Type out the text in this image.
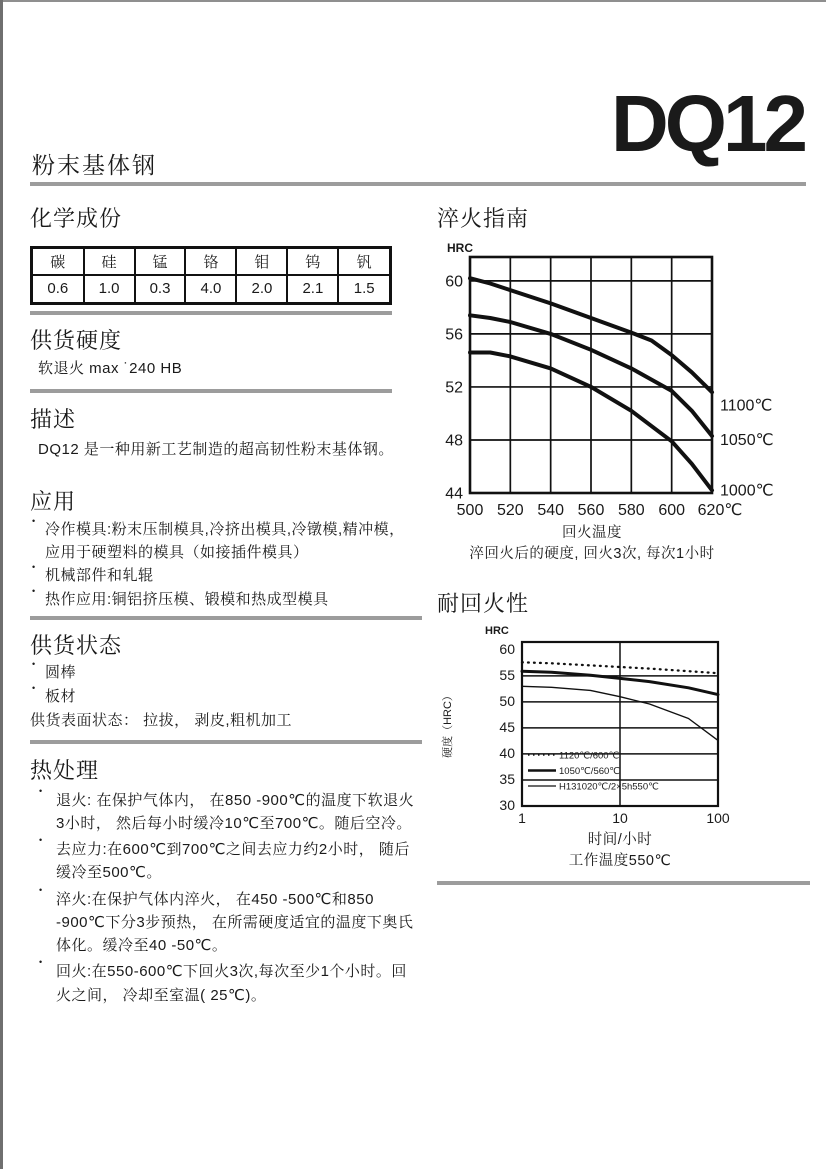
粉末基体钢	DQ12
化学成份
碳	硅	锰	铬	钼	钨	钒
0.6	1.0	0.3	4.0	2.0	2.1	1.5
供货硬度
软退火 max ˙240 HB
描述
DQ12 是一种用新工艺制造的超高韧性粉末基体钢。
应用
• 冷作模具:粉末压制模具,冷挤出模具,冷镦模,精冲模， 应用于硬塑料的模具（如接插件模具）
• 机械部件和轧辊
• 热作应用:铜铝挤压模、锻模和热成型模具
供货状态
• 圆棒
• 板材
供货表面状态： 拉拔， 剥皮,粗机加工
热处理
• 退火: 在保护气体内， 在850 -900℃的温度下软退火3小时， 然后每小时缓冷10℃至700℃。随后空冷。
• 去应力:在600℃到700℃之间去应力约2小时， 随后缓冷至500℃。
• 淬火:在保护气体内淬火， 在450 -500℃和850 -900℃下分3步预热， 在所需硬度适宜的温度下奥氏体化。缓冷至40 -50℃。
• 回火:在550-600℃下回火3次,每次至少1个小时。回火之间， 冷却至室温( 25℃)。
淬火指南
HRC
60
56
52
48
44
500 520 540 560 580 600 620℃
1100℃
1050℃
1000℃
回火温度
淬回火后的硬度, 回火3次, 每次1小时
耐回火性
HRC
硬度（HRC）
60
55
50
45
40
35
30
1	10	100
1120℃/600℃
1050℃/560℃
H131020℃/2×5h550℃
时间/小时
工作温度550℃
